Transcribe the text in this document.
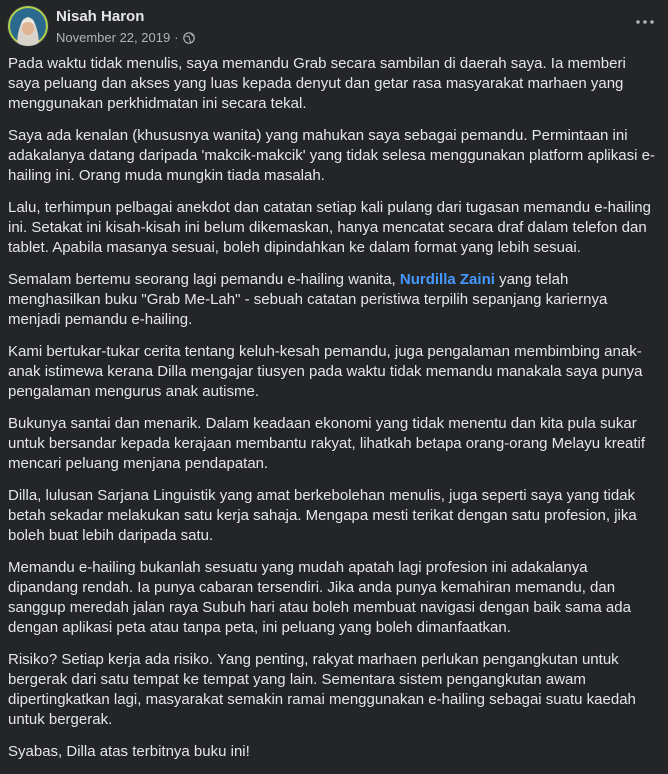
Nisah Haron
November 22, 2019 ·

Pada waktu tidak menulis, saya memandu Grab secara sambilan di daerah saya. Ia memberi saya peluang dan akses yang luas kepada denyut dan getar rasa masyarakat marhaen yang menggunakan perkhidmatan ini secara tekal.

Saya ada kenalan (khususnya wanita) yang mahukan saya sebagai pemandu. Permintaan ini adakalanya datang daripada 'makcik-makcik' yang tidak selesa menggunakan platform aplikasi e-hailing ini. Orang muda mungkin tiada masalah.

Lalu, terhimpun pelbagai anekdot dan catatan setiap kali pulang dari tugasan memandu e-hailing ini. Setakat ini kisah-kisah ini belum dikemaskan, hanya mencatat secara draf dalam telefon dan tablet. Apabila masanya sesuai, boleh dipindahkan ke dalam format yang lebih sesuai.

Semalam bertemu seorang lagi pemandu e-hailing wanita, Nurdilla Zaini yang telah menghasilkan buku "Grab Me-Lah" - sebuah catatan peristiwa terpilih sepanjang kariernya menjadi pemandu e-hailing.

Kami bertukar-tukar cerita tentang keluh-kesah pemandu, juga pengalaman membimbing anak-anak istimewa kerana Dilla mengajar tiusyen pada waktu tidak memandu manakala saya punya pengalaman mengurus anak autisme.

Bukunya santai dan menarik. Dalam keadaan ekonomi yang tidak menentu dan kita pula sukar untuk bersandar kepada kerajaan membantu rakyat, lihatkah betapa orang-orang Melayu kreatif mencari peluang menjana pendapatan.

Dilla, lulusan Sarjana Linguistik yang amat berkebolehan menulis, juga seperti saya yang tidak betah sekadar melakukan satu kerja sahaja. Mengapa mesti terikat dengan satu profesion, jika boleh buat lebih daripada satu.

Memandu e-hailing bukanlah sesuatu yang mudah apatah lagi profesion ini adakalanya dipandang rendah. Ia punya cabaran tersendiri. Jika anda punya kemahiran memandu, dan sanggup meredah jalan raya Subuh hari atau boleh membuat navigasi dengan baik sama ada dengan aplikasi peta atau tanpa peta, ini peluang yang boleh dimanfaatkan.

Risiko? Setiap kerja ada risiko. Yang penting, rakyat marhaen perlukan pengangkutan untuk bergerak dari satu tempat ke tempat yang lain. Sementara sistem pengangkutan awam dipertingkatkan lagi, masyarakat semakin ramai menggunakan e-hailing sebagai suatu kaedah untuk bergerak.

Syabas, Dilla atas terbitnya buku ini!
